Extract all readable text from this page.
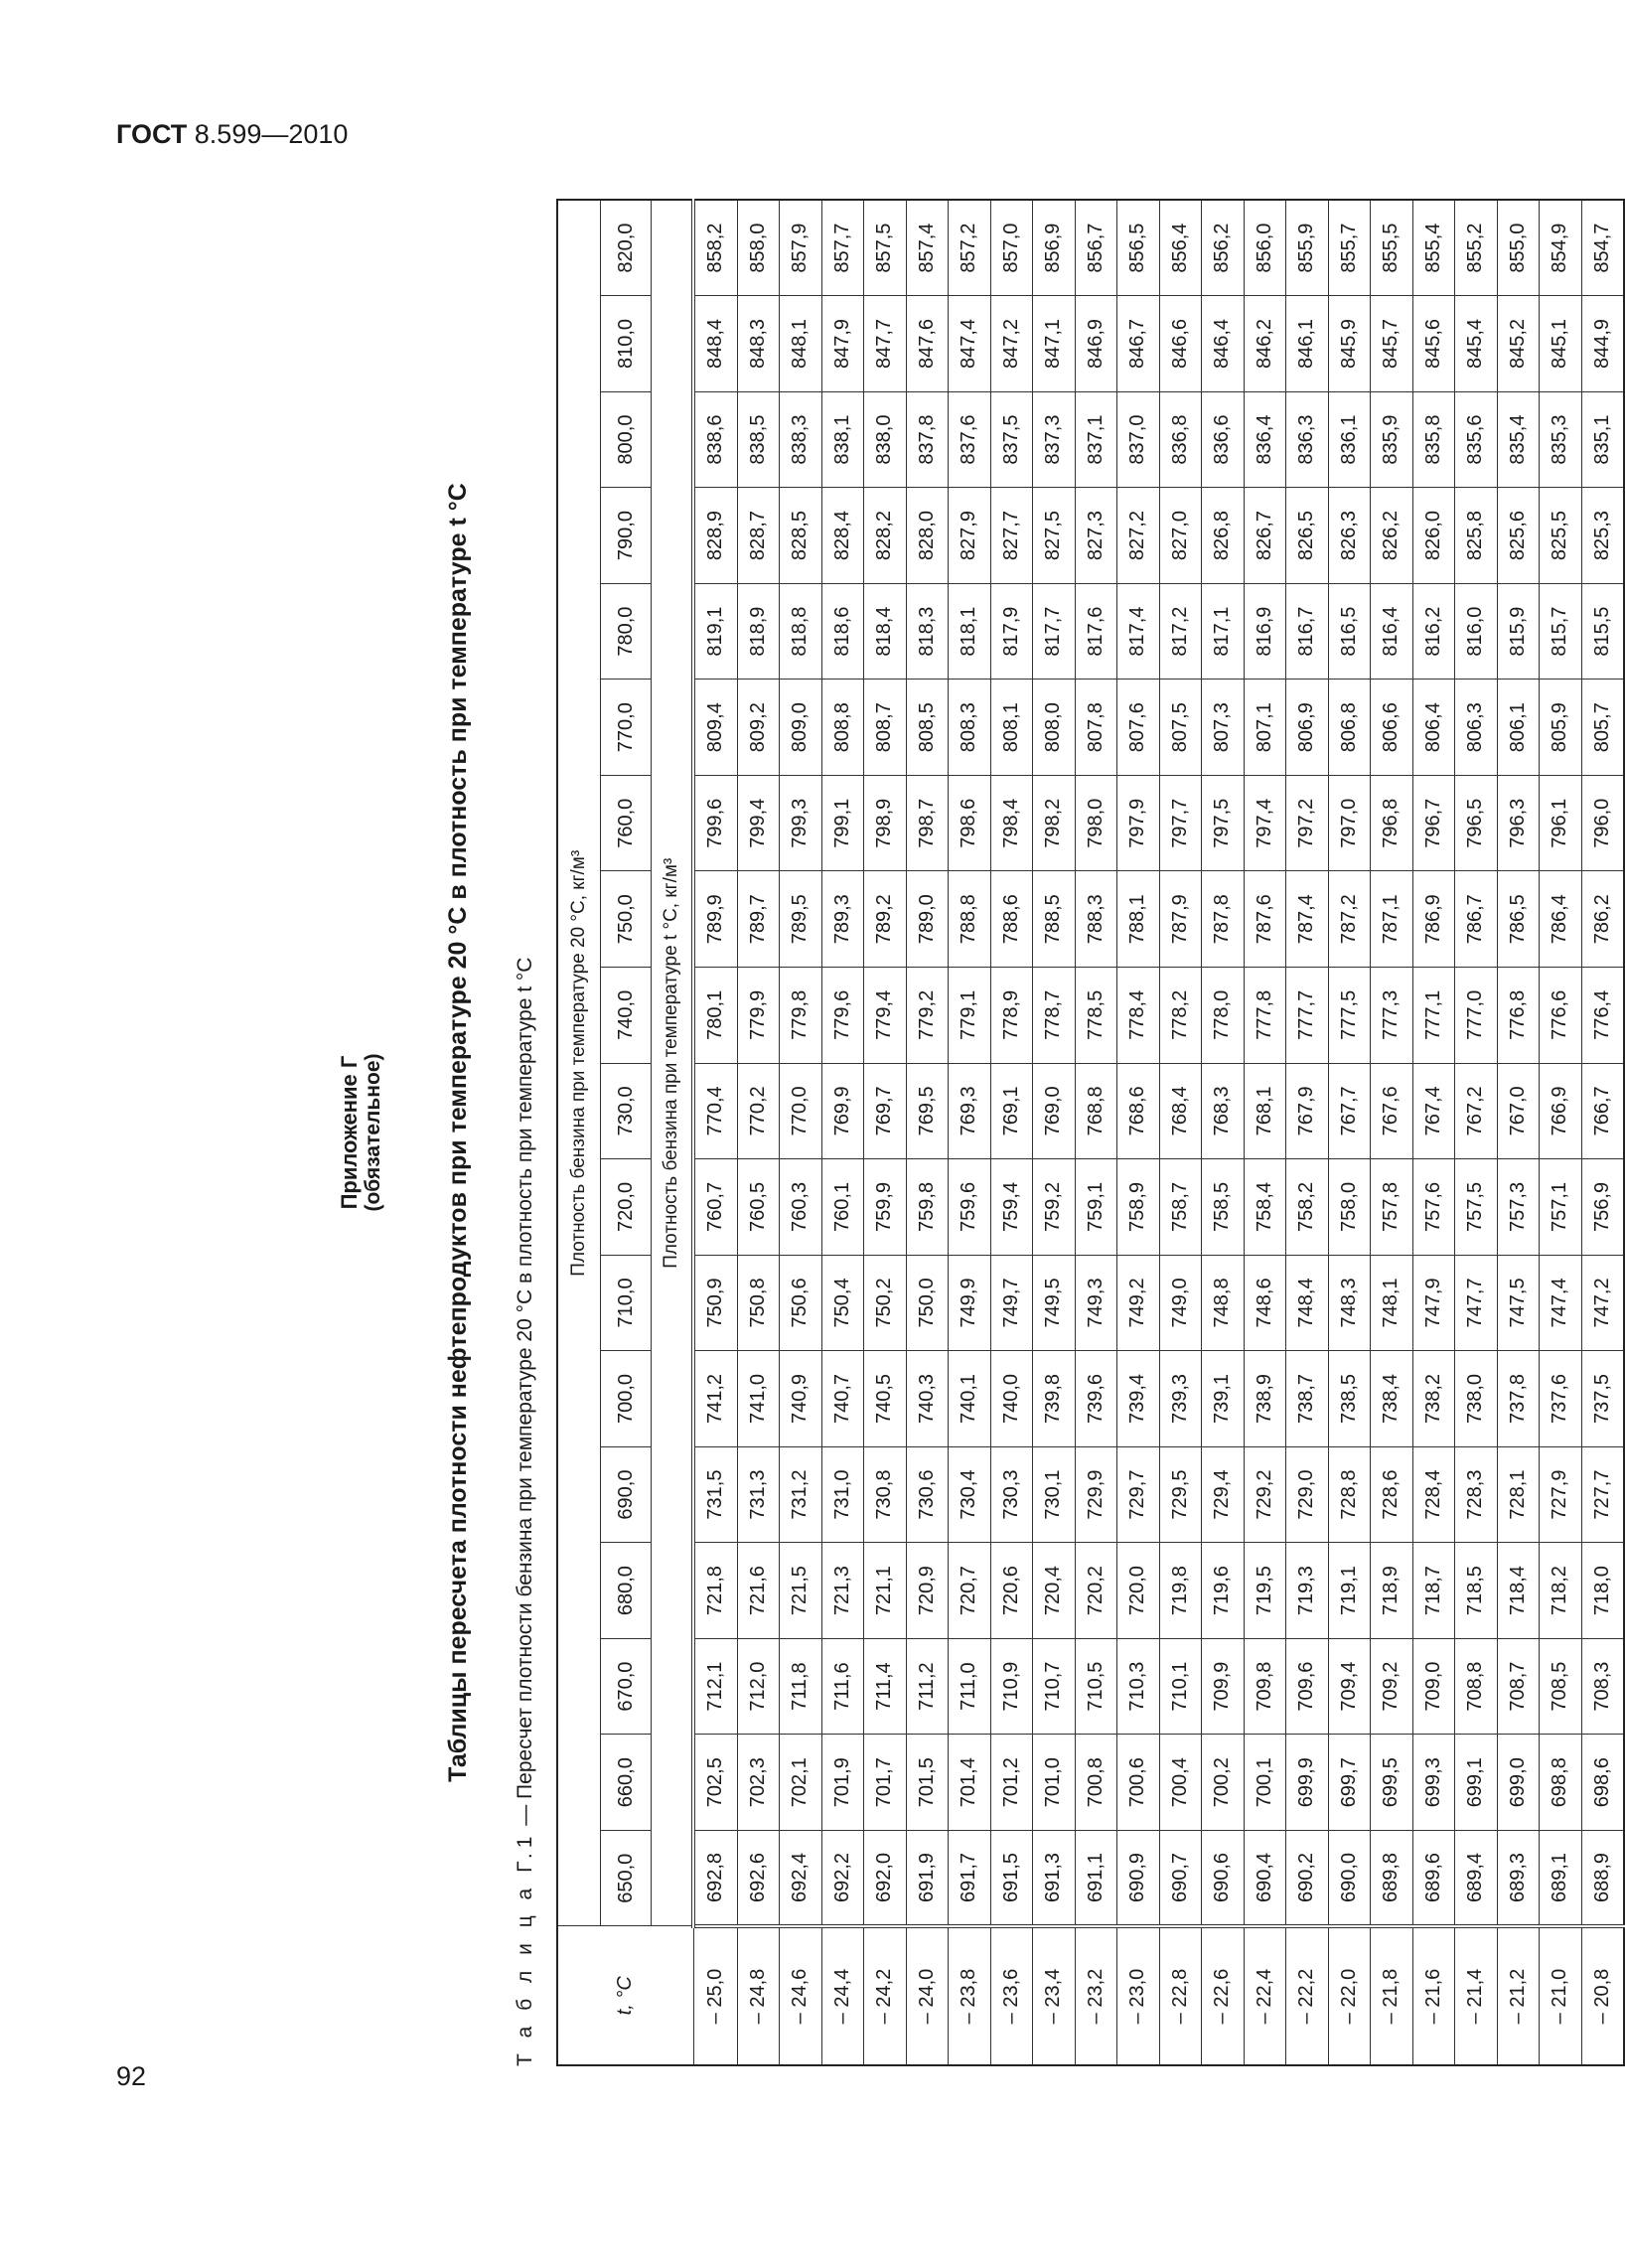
ГОСТ 8.599—2010
92
Приложение Г (обязательное) Таблицы пересчета плотности нефтепродуктов при температуре 20 °С в плотность при температуре t °С
Т а б л и ц а Г.1 — Пересчет плотности бензина при температуре 20 °С в плотность при температуре t °С
t, °C	Плотность бензина при температуре 20 °С, кг/м³																	
	650,0	660,0	670,0	680,0	690,0	700,0	710,0	720,0	730,0	740,0	750,0	760,0	770,0	780,0	790,0	800,0	810,0	820,0
	Плотность бензина при температуре t °С, кг/м³																	
– 25,0	692,8	702,5	712,1	721,8	731,5	741,2	750,9	760,7	770,4	780,1	789,9	799,6	809,4	819,1	828,9	838,6	848,4	858,2
– 24,8	692,6	702,3	712,0	721,6	731,3	741,0	750,8	760,5	770,2	779,9	789,7	799,4	809,2	818,9	828,7	838,5	848,3	858,0
– 24,6	692,4	702,1	711,8	721,5	731,2	740,9	750,6	760,3	770,0	779,8	789,5	799,3	809,0	818,8	828,5	838,3	848,1	857,9
– 24,4	692,2	701,9	711,6	721,3	731,0	740,7	750,4	760,1	769,9	779,6	789,3	799,1	808,8	818,6	828,4	838,1	847,9	857,7
– 24,2	692,0	701,7	711,4	721,1	730,8	740,5	750,2	759,9	769,7	779,4	789,2	798,9	808,7	818,4	828,2	838,0	847,7	857,5
– 24,0	691,9	701,5	711,2	720,9	730,6	740,3	750,0	759,8	769,5	779,2	789,0	798,7	808,5	818,3	828,0	837,8	847,6	857,4
– 23,8	691,7	701,4	711,0	720,7	730,4	740,1	749,9	759,6	769,3	779,1	788,8	798,6	808,3	818,1	827,9	837,6	847,4	857,2
– 23,6	691,5	701,2	710,9	720,6	730,3	740,0	749,7	759,4	769,1	778,9	788,6	798,4	808,1	817,9	827,7	837,5	847,2	857,0
– 23,4	691,3	701,0	710,7	720,4	730,1	739,8	749,5	759,2	769,0	778,7	788,5	798,2	808,0	817,7	827,5	837,3	847,1	856,9
– 23,2	691,1	700,8	710,5	720,2	729,9	739,6	749,3	759,1	768,8	778,5	788,3	798,0	807,8	817,6	827,3	837,1	846,9	856,7
– 23,0	690,9	700,6	710,3	720,0	729,7	739,4	749,2	758,9	768,6	778,4	788,1	797,9	807,6	817,4	827,2	837,0	846,7	856,5
– 22,8	690,7	700,4	710,1	719,8	729,5	739,3	749,0	758,7	768,4	778,2	787,9	797,7	807,5	817,2	827,0	836,8	846,6	856,4
– 22,6	690,6	700,2	709,9	719,6	729,4	739,1	748,8	758,5	768,3	778,0	787,8	797,5	807,3	817,1	826,8	836,6	846,4	856,2
– 22,4	690,4	700,1	709,8	719,5	729,2	738,9	748,6	758,4	768,1	777,8	787,6	797,4	807,1	816,9	826,7	836,4	846,2	856,0
– 22,2	690,2	699,9	709,6	719,3	729,0	738,7	748,4	758,2	767,9	777,7	787,4	797,2	806,9	816,7	826,5	836,3	846,1	855,9
– 22,0	690,0	699,7	709,4	719,1	728,8	738,5	748,3	758,0	767,7	777,5	787,2	797,0	806,8	816,5	826,3	836,1	845,9	855,7
– 21,8	689,8	699,5	709,2	718,9	728,6	738,4	748,1	757,8	767,6	777,3	787,1	796,8	806,6	816,4	826,2	835,9	845,7	855,5
– 21,6	689,6	699,3	709,0	718,7	728,4	738,2	747,9	757,6	767,4	777,1	786,9	796,7	806,4	816,2	826,0	835,8	845,6	855,4
– 21,4	689,4	699,1	708,8	718,5	728,3	738,0	747,7	757,5	767,2	777,0	786,7	796,5	806,3	816,0	825,8	835,6	845,4	855,2
– 21,2	689,3	699,0	708,7	718,4	728,1	737,8	747,5	757,3	767,0	776,8	786,5	796,3	806,1	815,9	825,6	835,4	845,2	855,0
– 21,0	689,1	698,8	708,5	718,2	727,9	737,6	747,4	757,1	766,9	776,6	786,4	796,1	805,9	815,7	825,5	835,3	845,1	854,9
– 20,8	688,9	698,6	708,3	718,0	727,7	737,5	747,2	756,9	766,7	776,4	786,2	796,0	805,7	815,5	825,3	835,1	844,9	854,7
